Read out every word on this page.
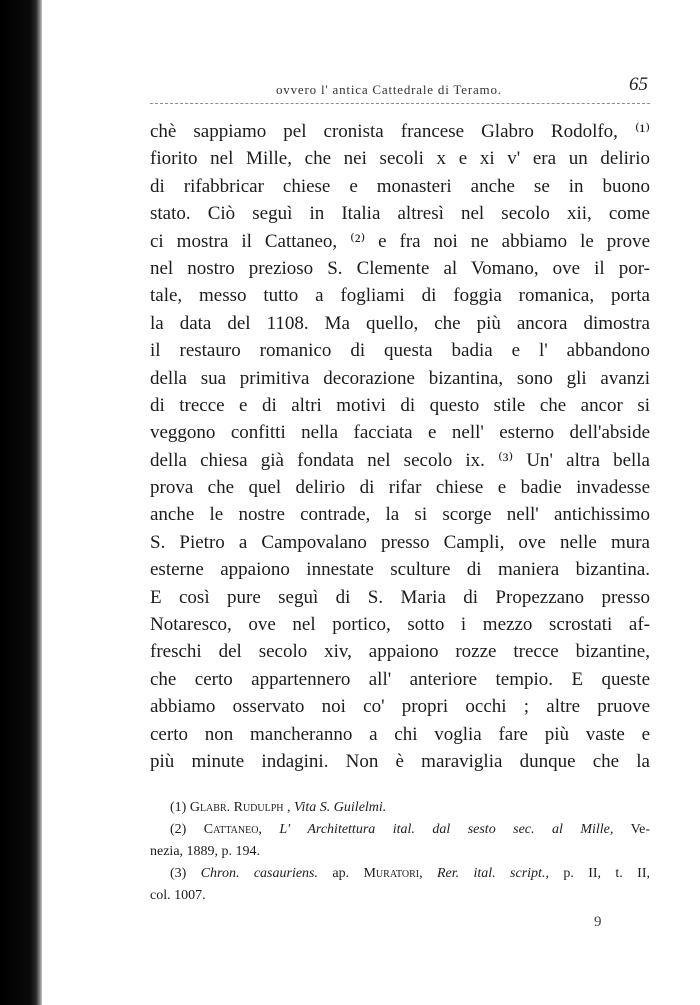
ovvero l' antica Cattedrale di Teramo.	65
chè sappiamo pel cronista francese Glabro Rodolfo, ⁽¹⁾
fiorito nel Mille, che nei secoli x e xi v' era un delirio
di rifabbricar chiese e monasteri anche se in buono
stato. Ciò seguì in Italia altresì nel secolo xii, come
ci mostra il Cattaneo, ⁽²⁾ e fra noi ne abbiamo le prove
nel nostro prezioso S. Clemente al Vomano, ove il por-
tale, messo tutto a fogliami di foggia romanica, porta
la data del 1108. Ma quello, che più ancora dimostra
il restauro romanico di questa badia e l' abbandono
della sua primitiva decorazione bizantina, sono gli avanzi
di trecce e di altri motivi di questo stile che ancor si
veggono confitti nella facciata e nell' esterno dell'abside
della chiesa già fondata nel secolo ix. ⁽³⁾ Un' altra bella
prova che quel delirio di rifar chiese e badie invadesse
anche le nostre contrade, la si scorge nell' antichissimo
S. Pietro a Campovalano presso Campli, ove nelle mura
esterne appaiono innestate sculture di maniera bizantina.
E così pure seguì di S. Maria di Propezzano presso
Notaresco, ove nel portico, sotto i mezzo scrostati af-
freschi del secolo xiv, appaiono rozze trecce bizantine,
che certo appartennero all' anteriore tempio. E queste
abbiamo osservato noi co' propri occhi ; altre pruove
certo non mancheranno a chi voglia fare più vaste e
più minute indagini. Non è maraviglia dunque che la
(1) Glabr. Rudulph , Vita S. Guilelmi.
(2) Cattaneo, L' Architettura ital. dal sesto sec. al Mille, Ve-
nezia, 1889, p. 194.
(3) Chron. casauriens. ap. Muratori, Rer. ital. script., p. II, t. II,
col. 1007.
9
